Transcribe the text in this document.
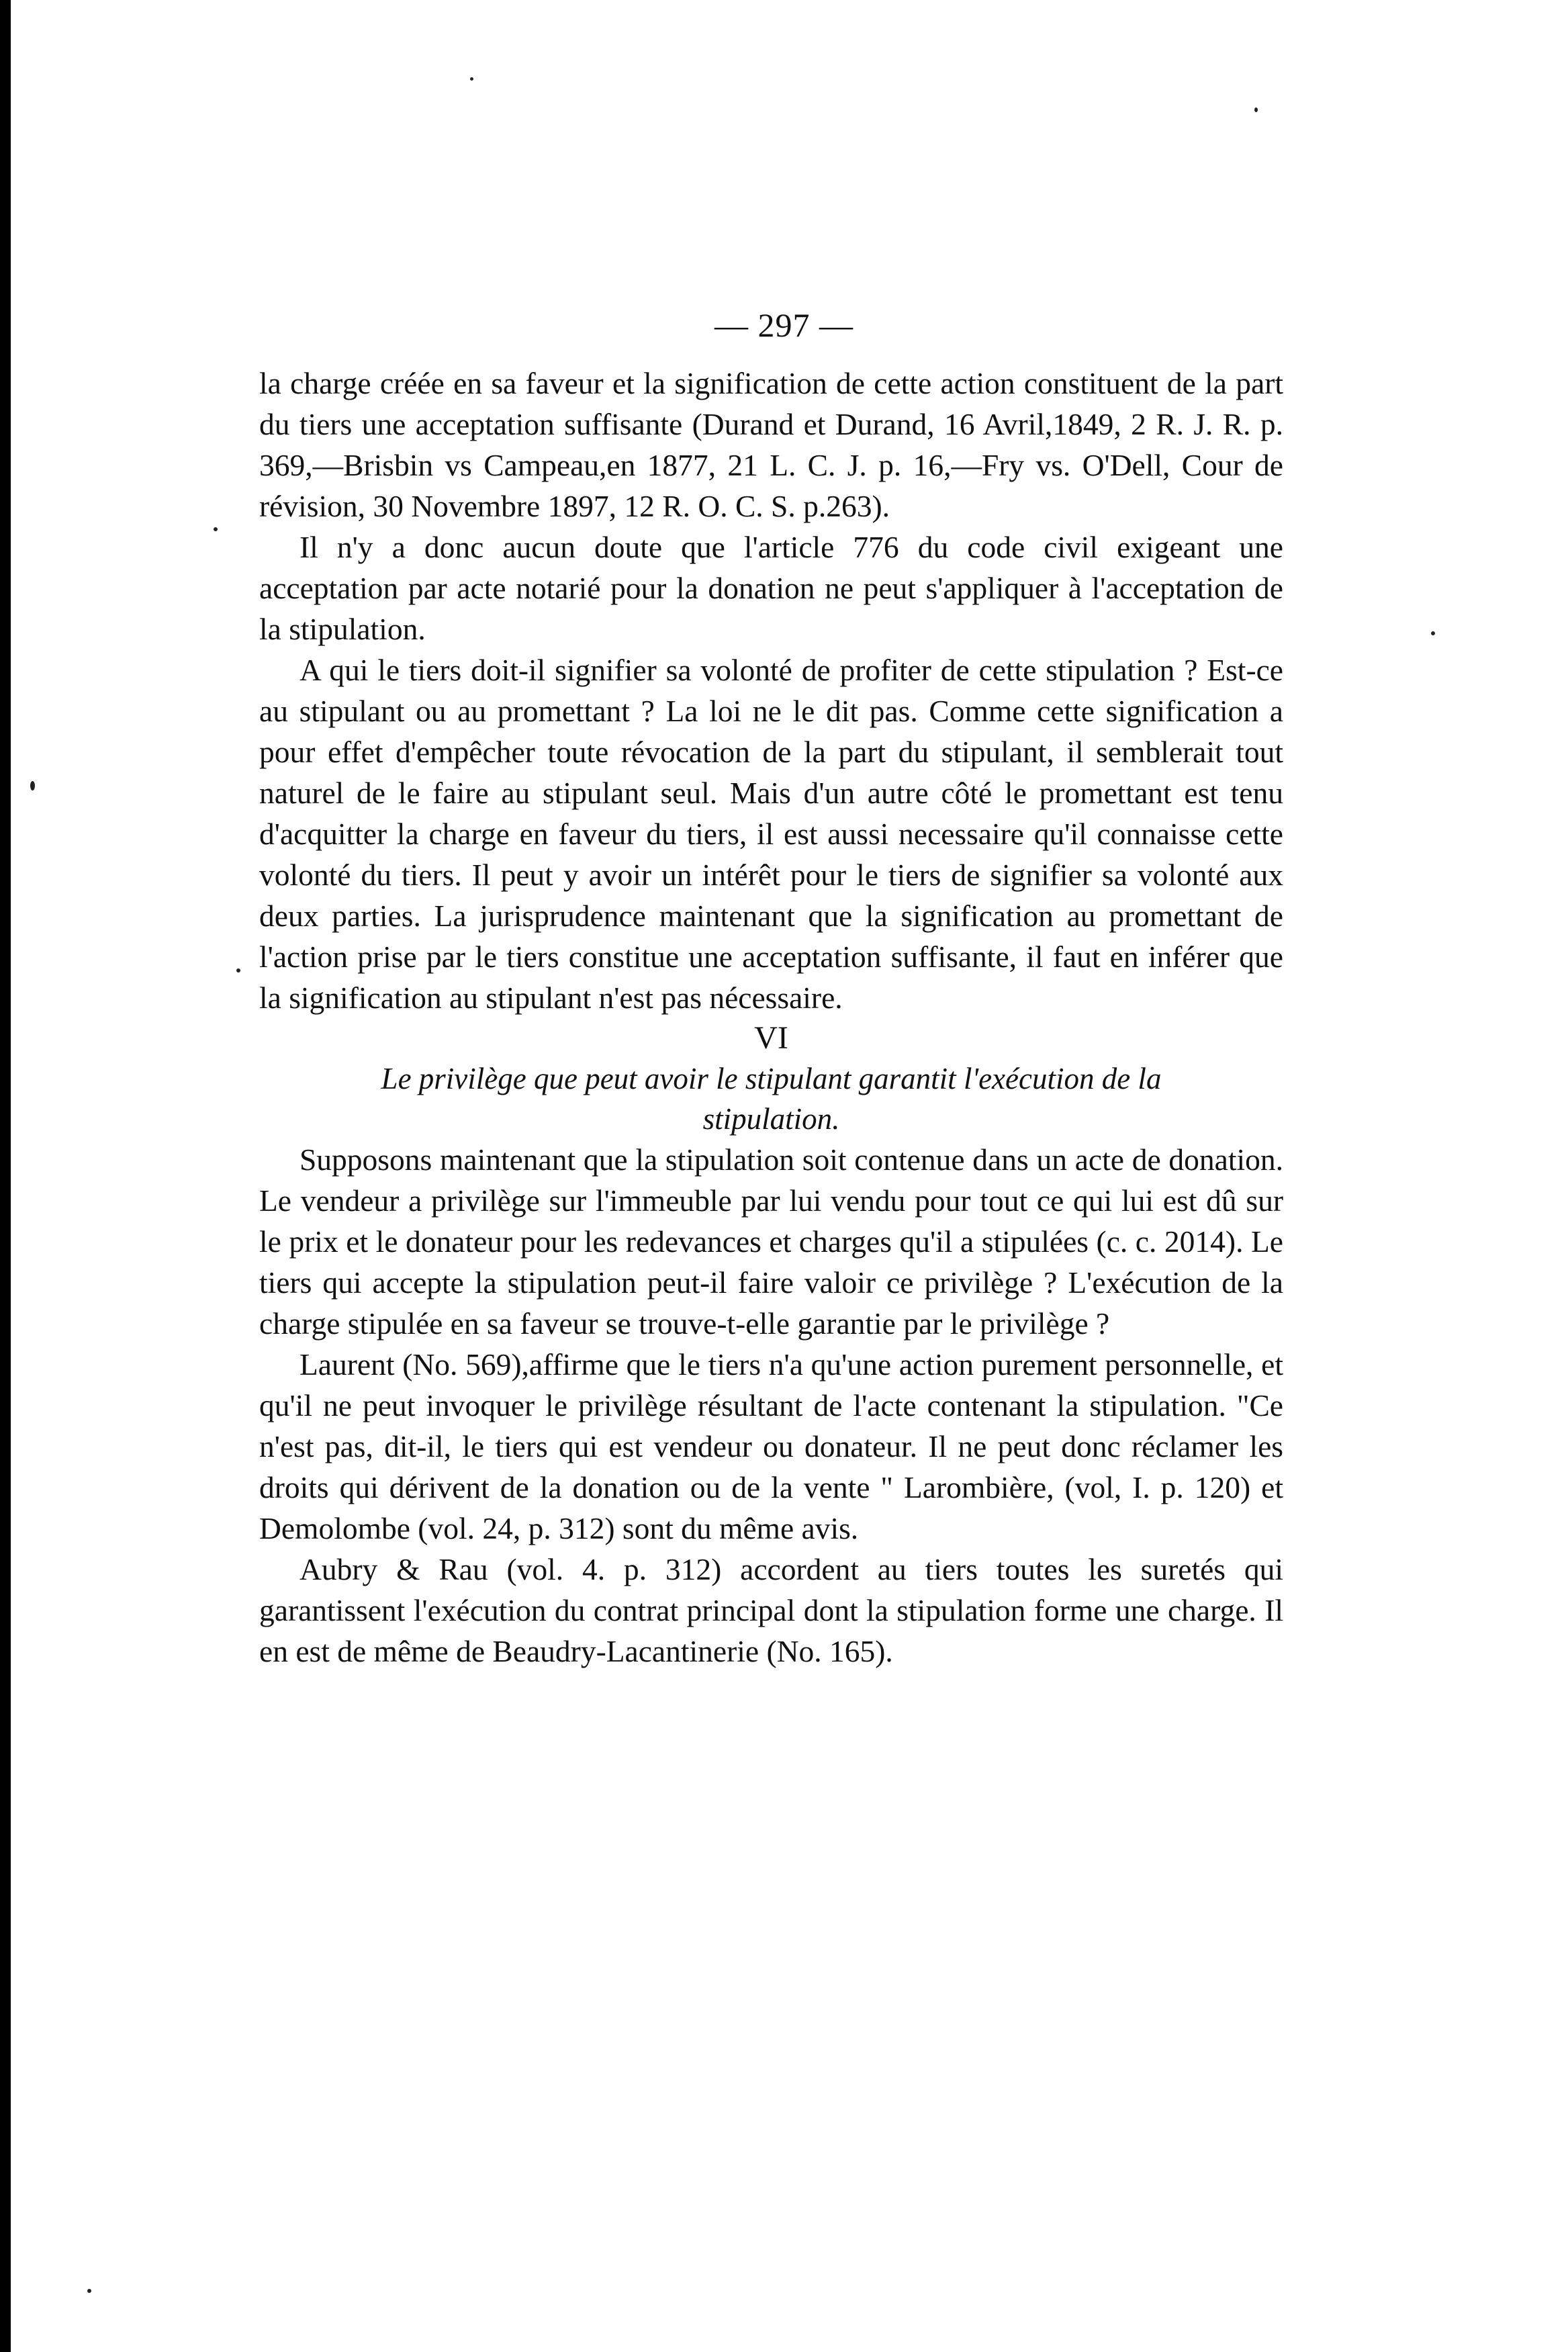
— 297 —

la charge créée en sa faveur et la signification de cette action constituent de la part du tiers une acceptation suffisante (Durand et Durand, 16 Avril,1849, 2 R. J. R. p. 369,—Brisbin vs Campeau,en 1877, 21 L. C. J. p. 16,—Fry vs. O'Dell, Cour de révision, 30 Novembre 1897, 12 R. O. C. S. p.263).

Il n'y a donc aucun doute que l'article 776 du code civil exigeant une acceptation par acte notarié pour la donation ne peut s'appliquer à l'acceptation de la stipulation.

A qui le tiers doit-il signifier sa volonté de profiter de cette stipulation ? Est-ce au stipulant ou au promettant ? La loi ne le dit pas. Comme cette signification a pour effet d'empêcher toute révocation de la part du stipulant, il semblerait tout naturel de le faire au stipulant seul. Mais d'un autre côté le promettant est tenu d'acquitter la charge en faveur du tiers, il est aussi necessaire qu'il connaisse cette volonté du tiers. Il peut y avoir un intérêt pour le tiers de signifier sa volonté aux deux parties. La jurisprudence maintenant que la signification au promettant de l'action prise par le tiers constitue une acceptation suffisante, il faut en inférer que la signification au stipulant n'est pas nécessaire.

VI

Le privilège que peut avoir le stipulant garantit l'exécution de la stipulation.

Supposons maintenant que la stipulation soit contenue dans un acte de donation. Le vendeur a privilège sur l'immeuble par lui vendu pour tout ce qui lui est dû sur le prix et le donateur pour les redevances et charges qu'il a stipulées (c. c. 2014). Le tiers qui accepte la stipulation peut-il faire valoir ce privilège ? L'exécution de la charge stipulée en sa faveur se trouve-t-elle garantie par le privilège ?

Laurent (No. 569),affirme que le tiers n'a qu'une action purement personnelle, et qu'il ne peut invoquer le privilège résultant de l'acte contenant la stipulation. "Ce n'est pas, dit-il, le tiers qui est vendeur ou donateur. Il ne peut donc réclamer les droits qui dérivent de la donation ou de la vente " Larombière, (vol, I. p. 120) et Demolombe (vol. 24, p. 312) sont du même avis.

Aubry & Rau (vol. 4. p. 312) accordent au tiers toutes les suretés qui garantissent l'exécution du contrat principal dont la stipulation forme une charge. Il en est de même de Beaudry-Lacantinerie (No. 165).
